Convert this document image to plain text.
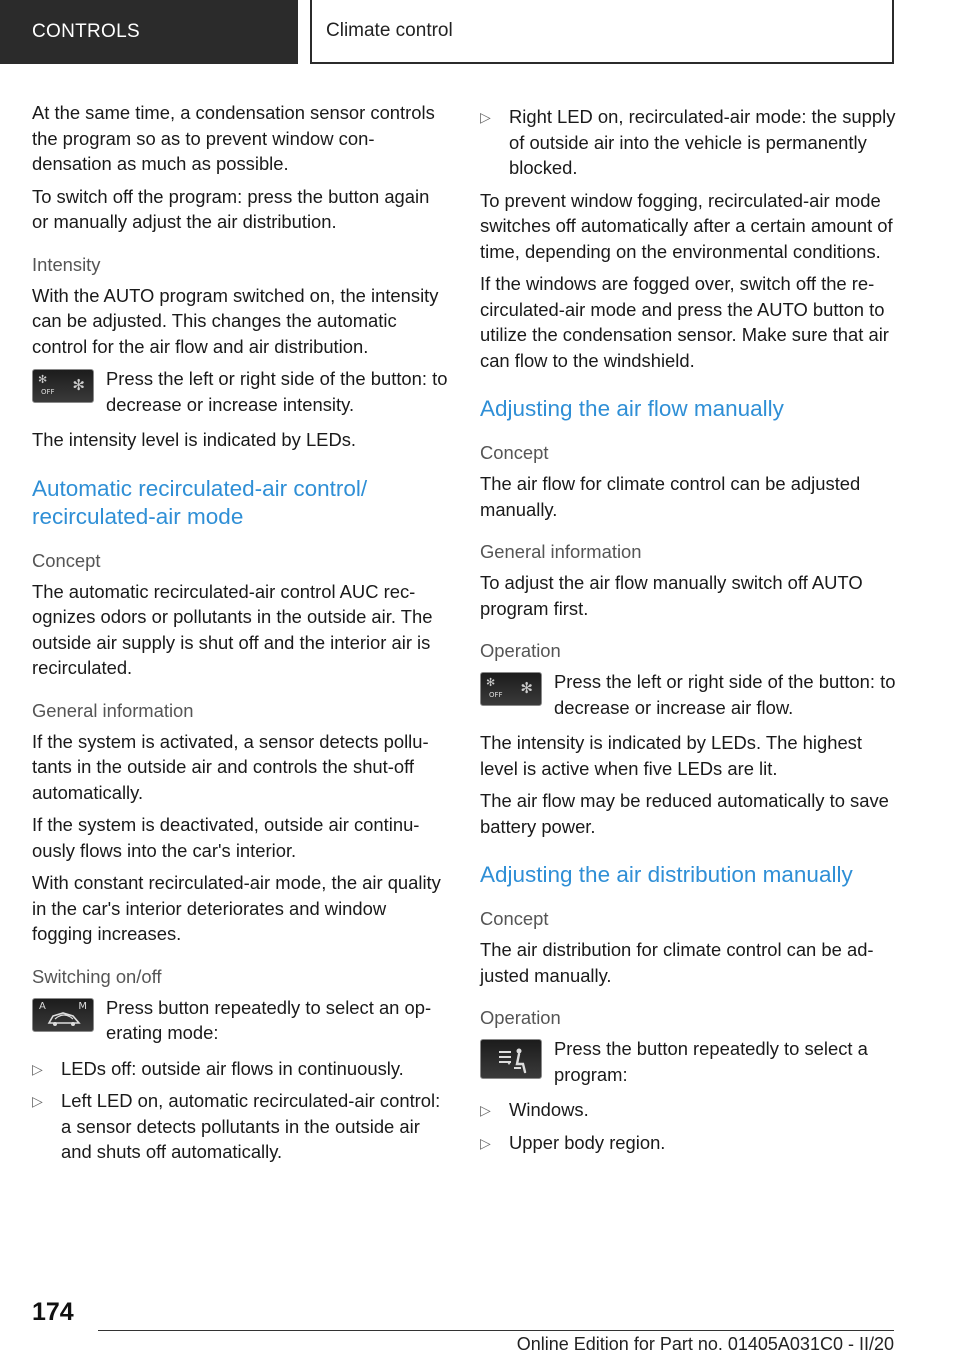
CONTROLS	Climate control

At the same time, a condensation sensor controls the program so as to prevent window condensation as much as possible.

To switch off the program: press the button again or manually adjust the air distribution.

Intensity

With the AUTO program switched on, the intensity can be adjusted. This changes the automatic control for the air flow and air distribution.

✻
OFF ✻ Press the left or right side of the button: to decrease or increase intensity.

The intensity level is indicated by LEDs.

Automatic recirculated-air control/ recirculated-air mode
Concept

The automatic recirculated-air control AUC recognizes odors or pollutants in the outside air. The outside air supply is shut off and the interior air is recirculated.

General information

If the system is activated, a sensor detects pollutants in the outside air and controls the shut-off automatically.

If the system is deactivated, outside air continuously flows into the car's interior.

With constant recirculated-air mode, the air quality in the car's interior deteriorates and window fogging increases.

Switching on/off
A	M Press button repeatedly to select an operating mode:

▷ LEDs off: outside air flows in continuously.
▷ Left LED on, automatic recirculated-air control: a sensor detects pollutants in the outside air and shuts off automatically.
▷ Right LED on, recirculated-air mode: the supply of outside air into the vehicle is permanently blocked.

To prevent window fogging, recirculated-air mode switches off automatically after a certain amount of time, depending on the environmental conditions.

If the windows are fogged over, switch off the recirculated-air mode and press the AUTO button to utilize the condensation sensor. Make sure that air can flow to the windshield.

Adjusting the air flow manually
Concept

The air flow for climate control can be adjusted manually.

General information

To adjust the air flow manually switch off AUTO program first.

Operation
✻
OFF ✻ Press the left or right side of the button: to decrease or increase air flow.

The intensity is indicated by LEDs. The highest level is active when five LEDs are lit.

The air flow may be reduced automatically to save battery power.

Adjusting the air distribution manually
Concept

The air distribution for climate control can be adjusted manually.

Operation

Press the button repeatedly to select a program:

▷ Windows.
▷ Upper body region.
174
Online Edition for Part no. 01405A031C0 - II/20
